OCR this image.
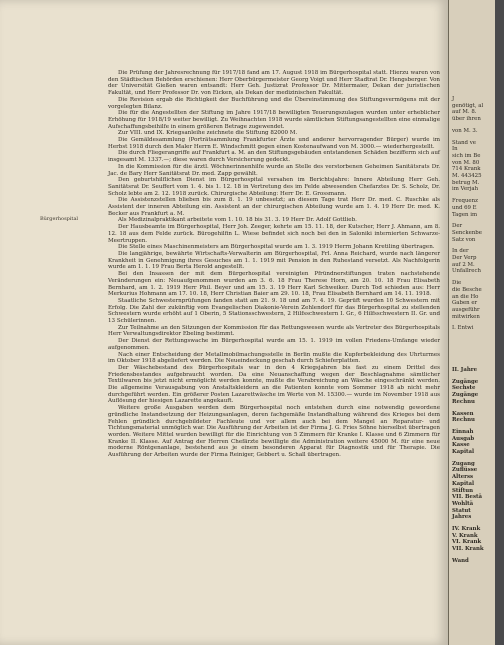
Bürgerhospital

Die Prüfung der Jahresrechnung für 1917/18 fand am 17. August 1918 im Bürgerhospital statt. Hierzu waren von den Städtischen Behörden erschienen: Herr Oberbürgermeister Georg Voigt und Herr Stadtrat Dr. Hengsberger. Von der Universität Gießen waren entsandt: Herr Geh. Justizrat Professor Dr. Mittermaier, Dekan der juristischen Fakultät, und Herr Professor Dr. von Eicken, als Dekan der medizinischen Fakultät.

Die Revision ergab die Richtigkeit der Buchführung und die Übereinstimmung des Stiftungsvermögens mit der vorgelegten Bilanz.

Die für die Angestellten der Stiftung im Jahre 1917/18 bewilligten Teuerungszulagen wurden unter erheblicher Erhöhung für 1918/19 weiter bewilligt. Zu Weihnachten 1918 wurde sämtlichen Stiftungsangestellten eine einmalige Aufschaffungsbeihilfe in einem größeren Betrage zugewendet.

Zur VIII. und IX. Kriegsanleihe zeichnete die Stiftung 82000 M.

Die Gemäldesammlung (Porträtsammlung Frankfurter Ärzte und anderer hervorragender Bürger) wurde im Herbst 1918 durch den Maler Herrn E. Windschmitt gegen einen Kostenaufwand von M. 3000.— wiederhergestellt.

Die durch Fliegerangriffe auf Frankfurt a. M. an den Stiftungsgebäuden entstandenen Schäden bezifferm sich auf insgesamt M. 1337.—; diese waren durch Versicherung gedeckt.

In die Kommission für die ärztl. Wöchnerinnenhilfe wurde an Stelle des verstorbenen Geheimen Sanitätsrats Dr. Jac. de Bary Herr Sanitätsrat Dr. med. Zapp gewählt.

Den geburtshilflichen Dienst im Bürgerhospital versahen im Berichtsjahre: Innere Abteilung Herr Geh. Sanitätsrat Dr. Seuffert vom 1. 4. bis 1. 12. 18 in Vertretung des im Felde abwesenden Chefarztes Dr. S. Scholz, Dr. Scholz lebte am 2. 12. 1918 zurück. Chirurgische Abteilung: Herr Dr. E. Grossmann.

Die Assistenzstellen blieben bis zum 8. 1. 19 unbesetzt; an diesem Tage trat Herr Dr. med. C. Ruschke als Assistent der inneren Abteilung ein. Assistent an der chirurgischen Abteilung wurde am 1. 4. 19 Herr Dr. med. K. Becker aus Frankfurt a. M.

Als Medizinalpraktikant arbeitete vom 1. 10. 18 bis 31. 3. 19 Herr Dr. Adolf Gottlieb.

Der Hausbeamte im Bürgerhospital, Herr Joh. Zeeger, kehrte am 15. 11. 18, der Kutscher, Herr J. Ahmann, am 8. 12. 18 aus dem Felde zurück. Bürogehilfin L. Wiese befindet sich noch bei den in Saloniki internierten Schwarze-Meertruppen.

Die Stelle eines Maschinenmeisters am Bürgerhospital wurde am 1. 3. 1919 Herrn Johann Kretiling übertragen.

Die langjährige, bewährte Wirtschafts-Verwalterin am Bürgerhospital, Frl. Anna Reichard, wurde nach längerer Krankheit in Genehmigung ihres Gesuches am 1. 1. 1919 mit Pension in den Ruhestand versetzt. Als Nachfolgerin wurde am 1. 1. 19 Frau Berta Herold angestellt.

Bei den Insassen der mit dem Bürgerhospital vereinigten Pfründnerstiftungen traten nachstehende Veränderungen ein: Neuaufgenommen wurden am 3. 6. 18 Frau Therese Horn, am 20. 10. 18 Frau Elisabeth Bernhard, am 1. 2. 1919 Herr Phil. Beyer und am 15. 3. 19 Herr Karl Schweiker. Durch Tod schieden aus: Herr Merkurius Hohmann am 17. 10. 18, Herr Christian Baier am 29. 10. 18, Frau Elisabeth Bernhard am 14. 11. 1918.

Staatliche Schwesternprüfungen fanden statt am 21. 9. 18 und am 7. 4. 19. Geprüft wurden 10 Schwestern mit Erfolg. Die Zahl der zukünftig vom Evangelischen Diakonie-Verein Zehlendorf für das Bürgerhospital zu stellenden Schwestern wurde erhöht auf 1 Oberin, 5 Stationsschwestern, 2 Hilfsschwestern I. Gr., 6 Hilfsschwestern II. Gr. und 13 Schülerinnen.

Zur Teilnahme an den Sitzungen der Kommission für das Rettungswesen wurde als Vertreter des Bürgerhospitals Herr Verwaltungsdirektor Ebeling bestimmt.

Der Dienst der Rettungswache im Bürgerhospital wurde am 15. 1. 1919 im vollen Friedens-Umfange wieder aufgenommen.

Nach einer Entscheidung der Metallmobilmachungsstelle in Berlin mußte die Kupferbekleidung des Uhrturmes im Oktober 1918 abgeliefert werden. Die Neueindeckung geschah durch Schieferplatten.

Der Wäschebestand des Bürgerhospitals war in den 4 Kriegsjahren bis fast zu einem Drittel des Friedensbestandes aufgebraucht worden. Da eine Neuanschaffung wegen der Beschlagnahme sämtlicher Textilwaren bis jetzt nicht ermöglicht werden konnte, mußte die Verabreichung an Wäsche eingeschränkt werden. Die allgemeine Verausgabung von Anstaltskleidern an die Patienten konnte vom Sommer 1918 ab nicht mehr durchgeführt werden. Ein größerer Posten Lazarettwäsche im Werte von M. 15300.— wurde im November 1918 aus Auflösung der hiesigen Lazarette angekauft.

Weitere große Ausgaben werden dem Bürgerhospital noch entstehen durch eine notwendig gewordene gründliche Instandsetzung der Heizungsanlagen, deren fachgemäße Instandhaltung während des Krieges bei dem Fehlen gründlich durchgebildeter Fachleute und vor allem auch bei dem Mangel an Reparatur- und Tichtungsmaterial unmöglich war. Die Ausführung der Arbeiten ist der Firma J. G. Fries Söhne hierselbst übertragen worden. Weitere Mittel wurden bewilligt für die Einrichtung von 5 Zimmern für Kranke I. Klasse und 6 Zimmern für Kranke II. Klasse. Auf Antrag der Herren Chefärzte bewilligte die Administration weitere 45000 M. für eine neue moderne Röntgenanlage, bestehend aus je einem besonderen Apparat für Diagnostik und für Therapie. Die Ausführung der Arbeiten wurde der Firma Reiniger, Gebbert u. Schall übertragen.

J
genötigt, al
auf M. 8.
über ihren
von M. 3.
Stand ve
In
sich im Be
von M. 80
714 Krank
M. 443425
betrug M.
im Verjah
Frequenz
und 69 E
Tagen im
Der
Senckenbe
Satz von
In der
Der Verp
auf 2 M.
Unfallrech
Die
die Besche
an die Ho
Gaben er
ausgeführ
mitwirken
I. Entwi
II. Jahre
Zugänge
Sechste
Zugänge
Rechnu
Kassen
Rechnu
Einnah
Ausgab
Kasse
Kapital
Zugang
Zuflüsse
Alterss
Kapital
Stiftun
VII. Bestä
Wohltä
Statut
Jahres
IV. Krank
V. Krank
VI. Krank
VII. Krank
Wand
